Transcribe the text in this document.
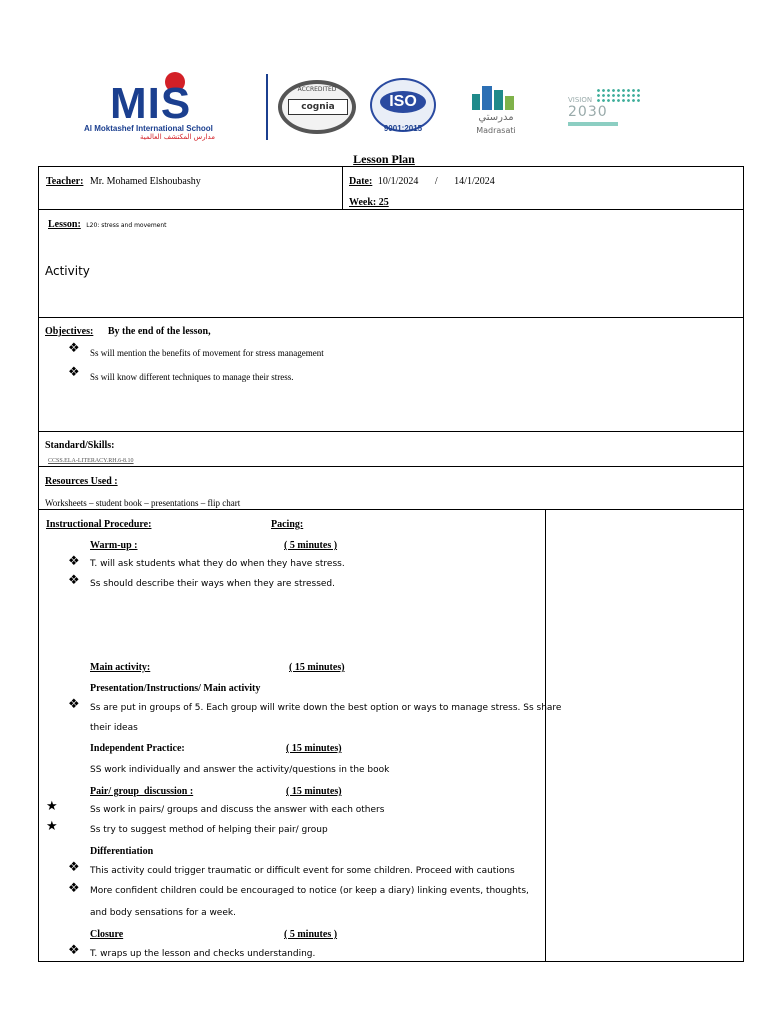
MIS
Al Moktashef International School
مدارس المكتشف العالمية
ACCREDITED
cognia	ISO
9001:2015
مدرستي
Madrasati
VISION
2030
Lesson Plan
Teacher: Mr. Mohamed Elshoubashy	Date: 10/1/2024 / 14/1/2024
Week: 25
Lesson: L20: stress and movement
Activity
Objectives: By the end of the lesson,
❖ Ss will mention the benefits of movement for stress management
❖ Ss will know different techniques to manage their stress.
Standard/Skills:
CCSS.ELA-LITERACY.RH.6-8.10
Resources Used :
Worksheets – student book – presentations – flip chart
Instructional Procedure:	Pacing:
Warm-up :	( 5 minutes )
❖ T. will ask students what they do when they have stress.
❖ Ss should describe their ways when they are stressed.
Main activity:	( 15 minutes)
Presentation/Instructions/ Main activity
❖ Ss are put in groups of 5. Each group will write down the best option or ways to manage stress. Ss share
their ideas
Independent Practice:	( 15 minutes)
SS work individually and answer the activity/questions in the book
Pair/ group  discussion :	( 15 minutes)
★	Ss work in pairs/ groups and discuss the answer with each others
★	Ss try to suggest method of helping their pair/ group
Differentiation
❖ This activity could trigger traumatic or difficult event for some children. Proceed with cautions
❖ More confident children could be encouraged to notice (or keep a diary) linking events, thoughts,
and body sensations for a week.
Closure	( 5 minutes )
❖ T. wraps up the lesson and checks understanding.
